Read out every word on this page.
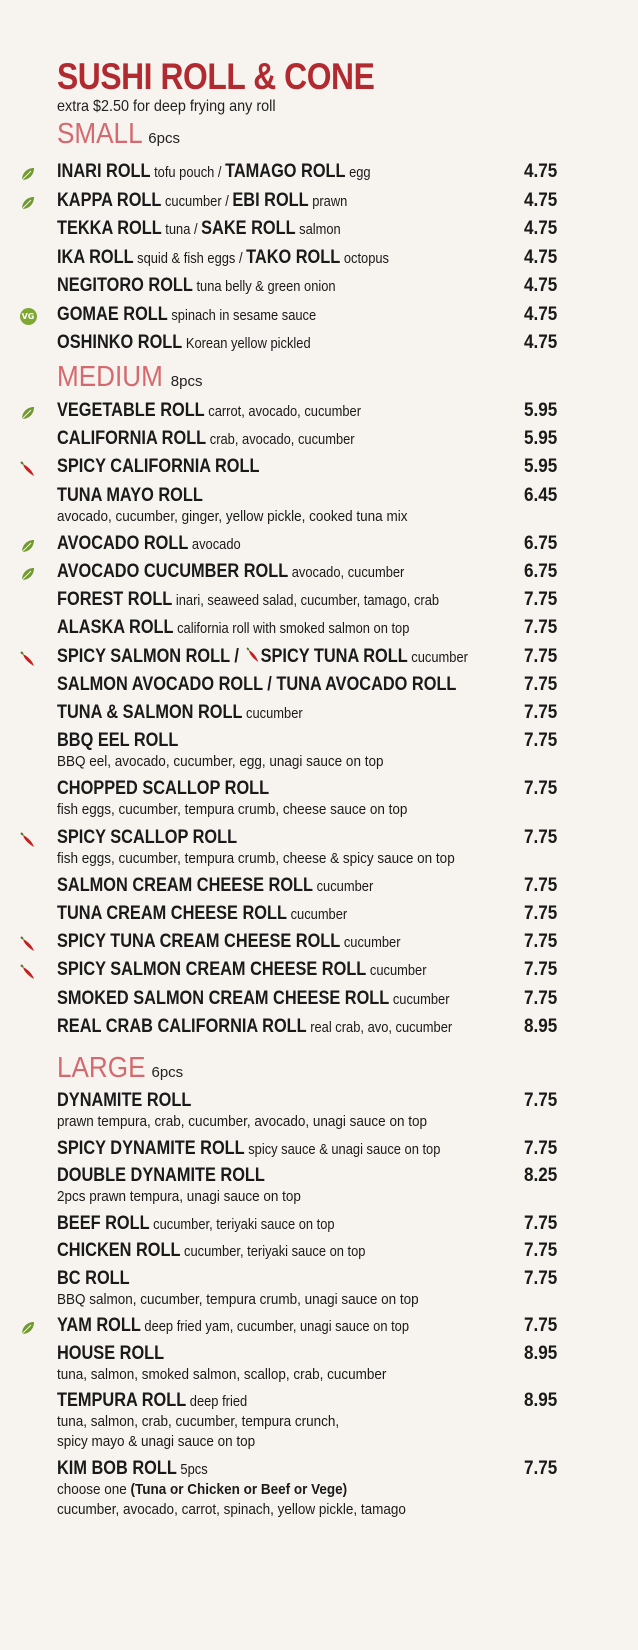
SUSHI ROLL & CONE
extra $2.50 for deep frying any roll
SMALL 6pcs
INARI ROLL tofu pouch / TAMAGO ROLL egg	4.75
KAPPA ROLL cucumber / EBI ROLL prawn	4.75
TEKKA ROLL tuna / SAKE ROLL salmon	4.75
IKA ROLL squid & fish eggs / TAKO ROLL octopus	4.75
NEGITORO ROLL tuna belly & green onion	4.75
VG GOMAE ROLL spinach in sesame sauce	4.75
OSHINKO ROLL Korean yellow pickled	4.75
MEDIUM 8pcs
VEGETABLE ROLL carrot, avocado, cucumber	5.95
CALIFORNIA ROLL crab, avocado, cucumber	5.95
SPICY CALIFORNIA ROLL	5.95
TUNA MAYO ROLL	6.45
avocado, cucumber, ginger, yellow pickle, cooked tuna mix
AVOCADO ROLL avocado	6.75
AVOCADO CUCUMBER ROLL avocado, cucumber	6.75
FOREST ROLL inari, seaweed salad, cucumber, tamago, crab	7.75
ALASKA ROLL california roll with smoked salmon on top	7.75
SPICY SALMON ROLL / SPICY TUNA ROLL cucumber	7.75
SALMON AVOCADO ROLL / TUNA AVOCADO ROLL	7.75
TUNA & SALMON ROLL cucumber	7.75
BBQ EEL ROLL	7.75
BBQ eel, avocado, cucumber, egg, unagi sauce on top
CHOPPED SCALLOP ROLL	7.75
fish eggs, cucumber, tempura crumb, cheese sauce on top
SPICY SCALLOP ROLL	7.75
fish eggs, cucumber, tempura crumb, cheese & spicy sauce on top
SALMON CREAM CHEESE ROLL cucumber	7.75
TUNA CREAM CHEESE ROLL cucumber	7.75
SPICY TUNA CREAM CHEESE ROLL cucumber	7.75
SPICY SALMON CREAM CHEESE ROLL cucumber	7.75
SMOKED SALMON CREAM CHEESE ROLL cucumber	7.75
REAL CRAB CALIFORNIA ROLL real crab, avo, cucumber	8.95
LARGE 6pcs
DYNAMITE ROLL	7.75
prawn tempura, crab, cucumber, avocado, unagi sauce on top
SPICY DYNAMITE ROLL spicy sauce & unagi sauce on top	7.75
DOUBLE DYNAMITE ROLL	8.25
2pcs prawn tempura, unagi sauce on top
BEEF ROLL cucumber, teriyaki sauce on top	7.75
CHICKEN ROLL cucumber, teriyaki sauce on top	7.75
BC ROLL	7.75
BBQ salmon, cucumber, tempura crumb, unagi sauce on top
YAM ROLL deep fried yam, cucumber, unagi sauce on top	7.75
HOUSE ROLL	8.95
tuna, salmon, smoked salmon, scallop, crab, cucumber
TEMPURA ROLL deep fried	8.95
tuna, salmon, crab, cucumber, tempura crunch,
spicy mayo & unagi sauce on top
KIM BOB ROLL 5pcs	7.75
choose one (Tuna or Chicken or Beef or Vege)
cucumber, avocado, carrot, spinach, yellow pickle, tamago
